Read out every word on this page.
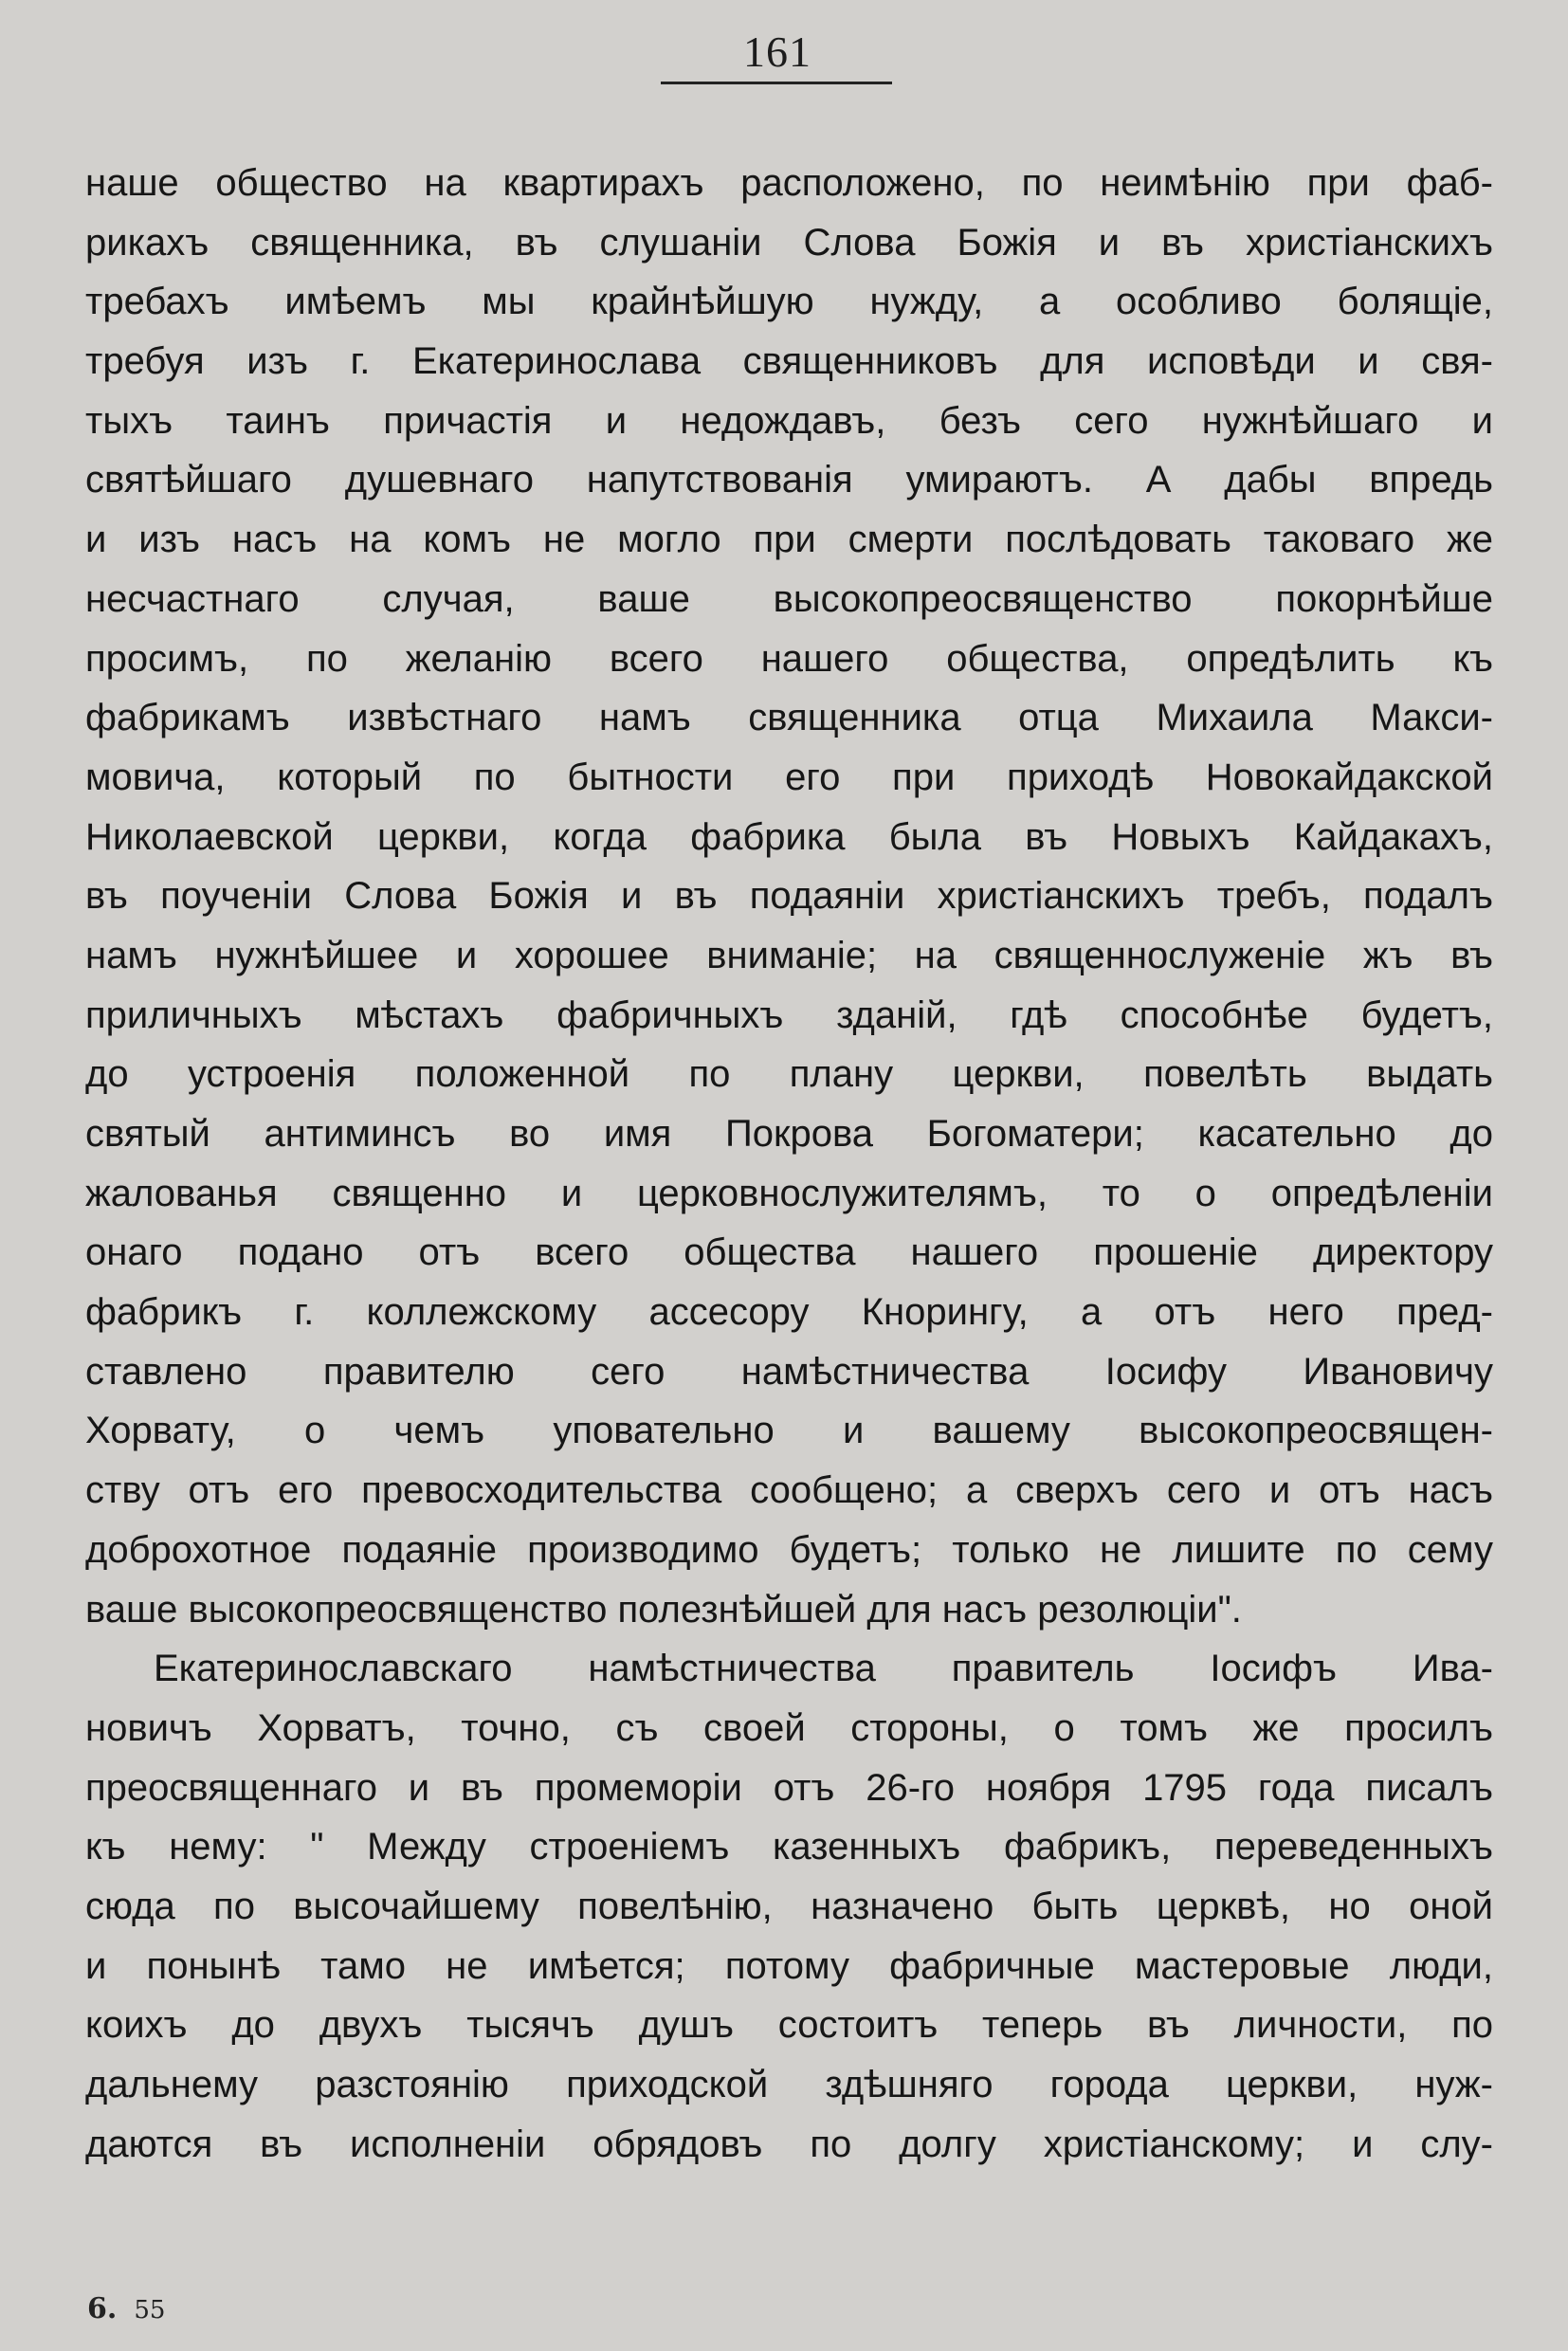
161
наше общество на квартирахъ расположено, по неимѣнію при фаб-
рикахъ священника, въ слушаніи Слова Божія и въ христіанскихъ
требахъ имѣемъ мы крайнѣйшую нужду, а особливо болящіе,
требуя изъ г. Екатеринослава священниковъ для исповѣди и свя-
тыхъ таинъ причастія и недождавъ, безъ сего нужнѣйшаго и
святѣйшаго душевнаго напутствованія умираютъ. А дабы впредь
и изъ насъ на комъ не могло при смерти послѣдовать таковаго же
несчастнаго случая, ваше высокопреосвященство покорнѣйше
просимъ, по желанію всего нашего общества, опредѣлить къ
фабрикамъ извѣстнаго намъ священника отца Михаила Макси-
мовича, который по бытности его при приходѣ Новокайдакской
Николаевской церкви, когда фабрика была въ Новыхъ Кайдакахъ,
въ поученіи Слова Божія и въ подаяніи христіанскихъ требъ, подалъ
намъ нужнѣйшее и хорошее вниманіе; на священнослуженіе жъ въ
приличныхъ мѣстахъ фабричныхъ зданій, гдѣ способнѣе будетъ,
до устроенія положенной по плану церкви, повелѣть выдать
святый антиминсъ во имя Покрова Богоматери; касательно до
жалованья священно и церковнослужителямъ, то о опредѣленіи
онаго подано отъ всего общества нашего прошеніе директору
фабрикъ г. коллежскому ассесору Кнорингу, а отъ него пред-
ставлено правителю сего намѣстничества Іосифу Ивановичу
Хорвату, о чемъ уповательно и вашему высокопреосвящен-
ству отъ его превосходительства сообщено; а сверхъ сего и отъ насъ
доброхотное подаяніе производимо будетъ; только не лишите по сему
ваше высокопреосвященство полезнѣйшей для насъ резолюціи".
Екатеринославскаго намѣстничества правитель Іосифъ Ива-
новичъ Хорватъ, точно, съ своей стороны, о томъ же просилъ
преосвященнаго и въ промеморіи отъ 26-го ноября 1795 года писалъ
къ нему: " Между строеніемъ казенныхъ фабрикъ, переведенныхъ
сюда по высочайшему повелѣнію, назначено быть церквѣ, но оной
и понынѣ тамо не имѣется; потому фабричные мастеровые люди,
коихъ до двухъ тысячъ душъ состоитъ теперь въ личности, по
дальнему разстоянію приходской здѣшняго города церкви, нуж-
даются въ исполненіи обрядовъ по долгу христіанскому; и слу-
6. 55
